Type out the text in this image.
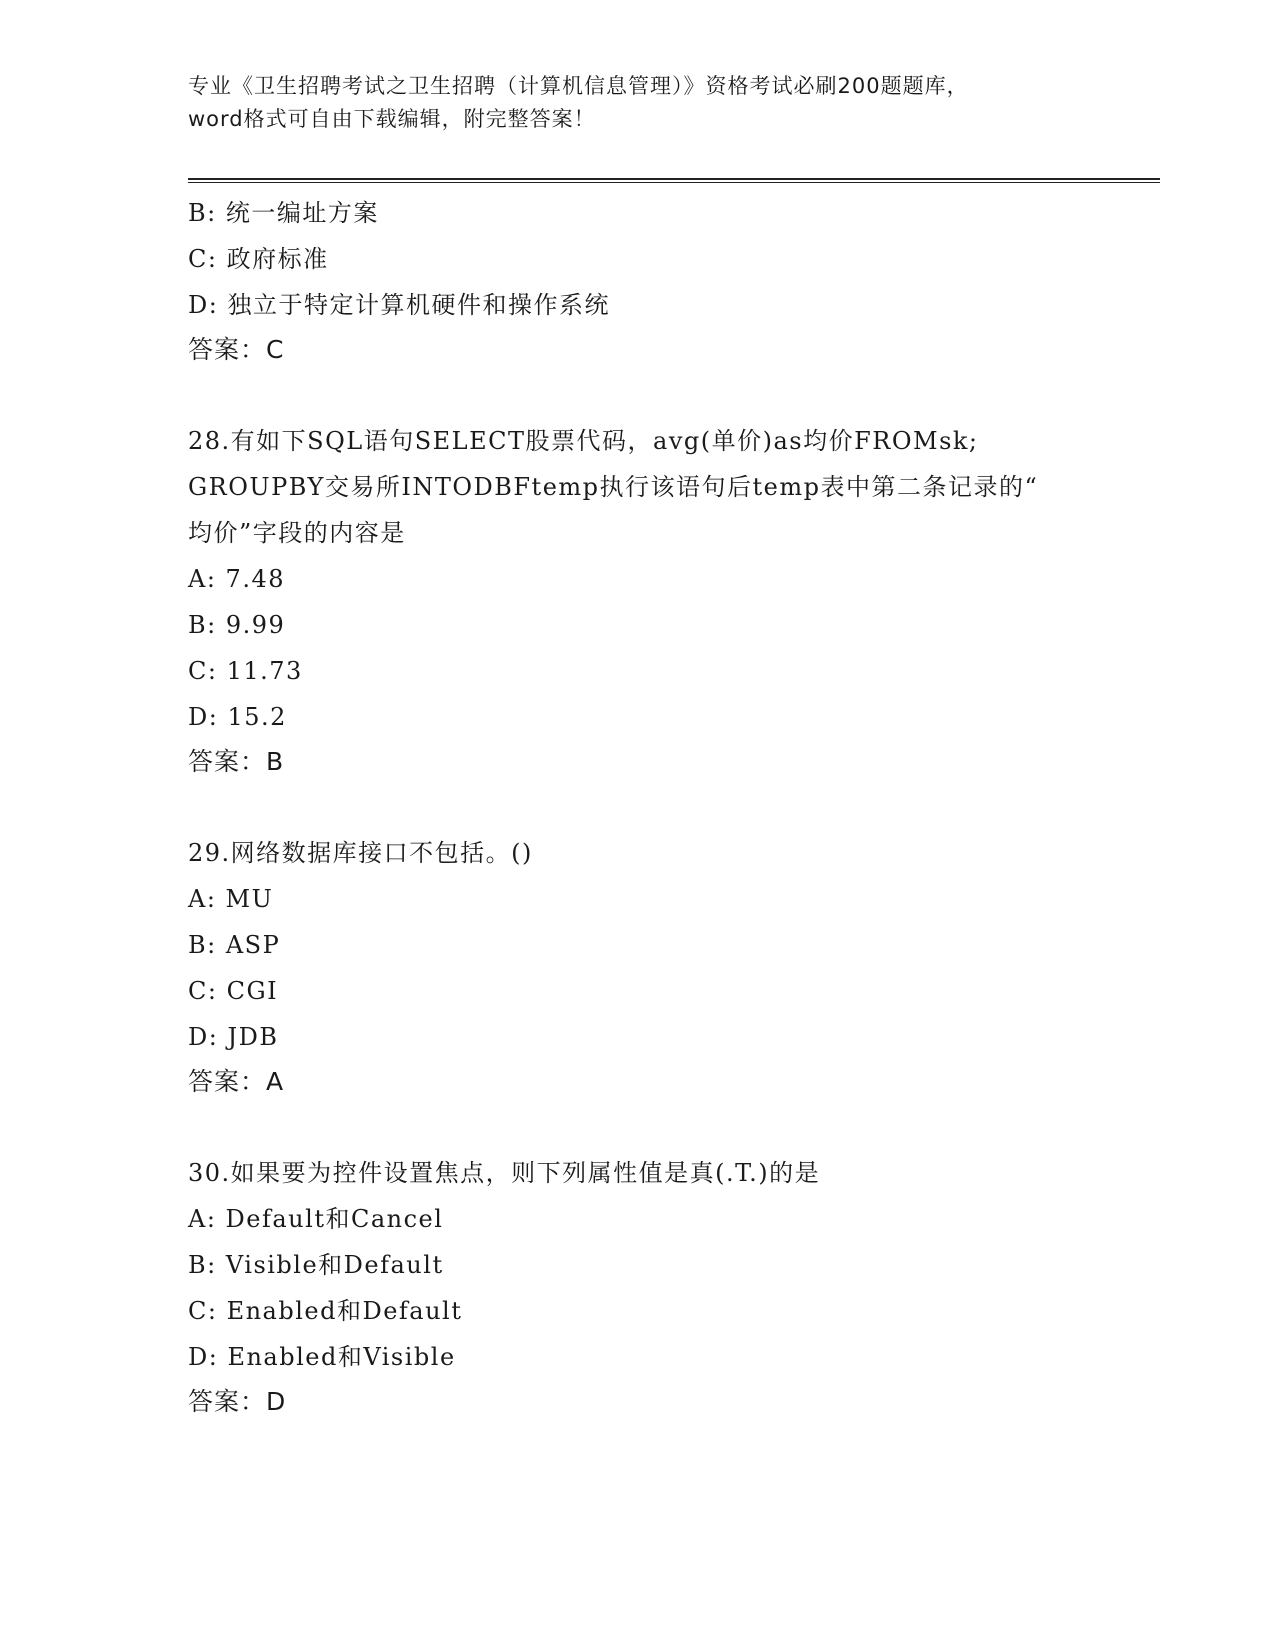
专业《卫生招聘考试之卫生招聘（计算机信息管理）》资格考试必刷200题题库，
word格式可自由下载编辑，附完整答案！
B: 统一编址方案
C: 政府标准
D: 独立于特定计算机硬件和操作系统
答案：C
28.有如下SQL语句SELECT股票代码，avg(单价)as均价FROMsk;
GROUPBY交易所INTODBFtemp执行该语句后temp表中第二条记录的“
均价”字段的内容是
A: 7.48
B: 9.99
C: 11.73
D: 15.2
答案：B
29.网络数据库接口不包括。()
A: MU
B: ASP
C: CGI
D: JDB
答案：A
30.如果要为控件设置焦点，则下列属性值是真(.T.)的是
A: Default和Cancel
B: Visible和Default
C: Enabled和Default
D: Enabled和Visible
答案：D
